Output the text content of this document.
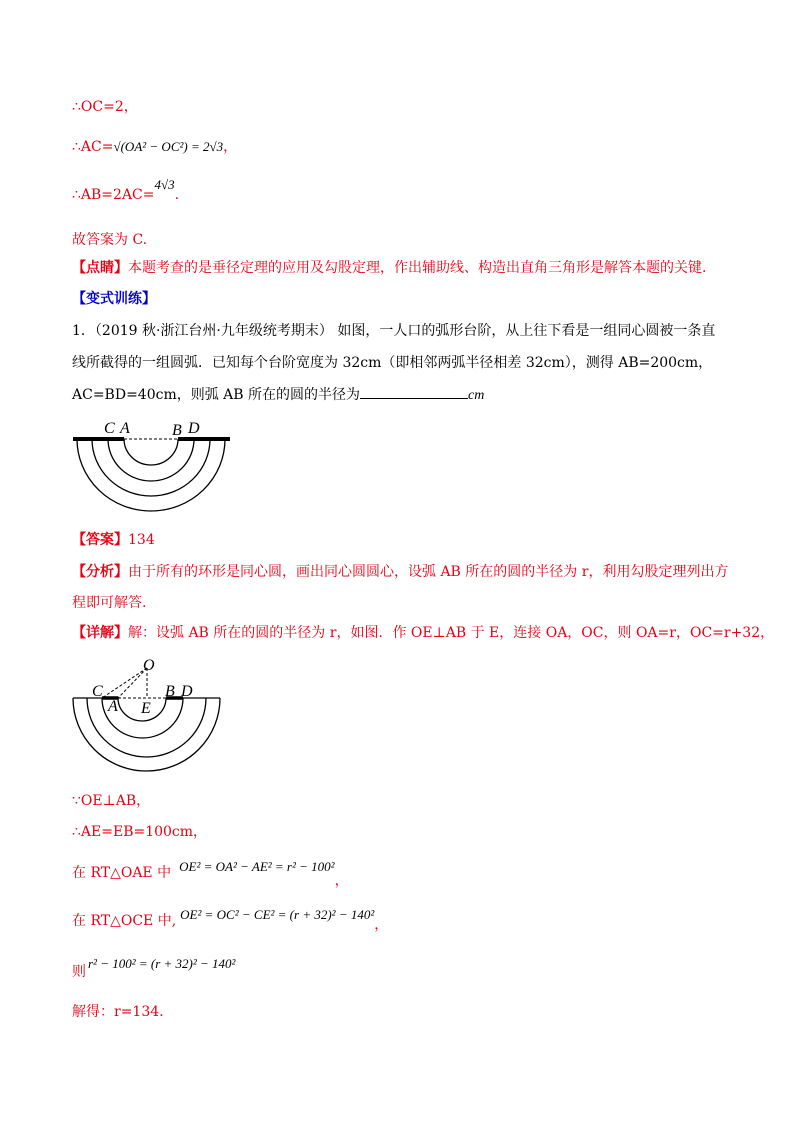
∴OC=2，
∴AC=√(OA² − OC²) = 2√3，
∴AB=2AC=4√3.
故答案为 C.
【点睛】本题考查的是垂径定理的应用及勾股定理，作出辅助线、构造出直角三角形是解答本题的关键.
【变式训练】
1．（2019 秋·浙江台州·九年级统考期末） 如图，一人口的弧形台阶，从上往下看是一组同心圆被一条直
线所截得的一组圆弧．已知每个台阶宽度为 32cm（即相邻两弧半径相差 32cm），测得 AB=200cm，
AC=BD=40cm，则弧 AB 所在的圆的半径为	cm
C A	B D
【答案】134
【分析】由于所有的环形是同心圆，画出同心圆圆心，设弧 AB 所在的圆的半径为 r，利用勾股定理列出方
程即可解答.
【详解】解：设弧 AB 所在的圆的半径为 r，如图．作 OE⊥AB 于 E，连接 OA，OC，则 OA=r，OC=r+32，
O
C
A E
B D
∵OE⊥AB，
∴AE=EB=100cm，
在 RT△OAE 中 OE² = OA² − AE² = r² − 100²，
在 RT△OCE 中, OE² = OC² − CE² = (r + 32)² − 140²，
则r² − 100² = (r + 32)² − 140²
解得：r=134.
